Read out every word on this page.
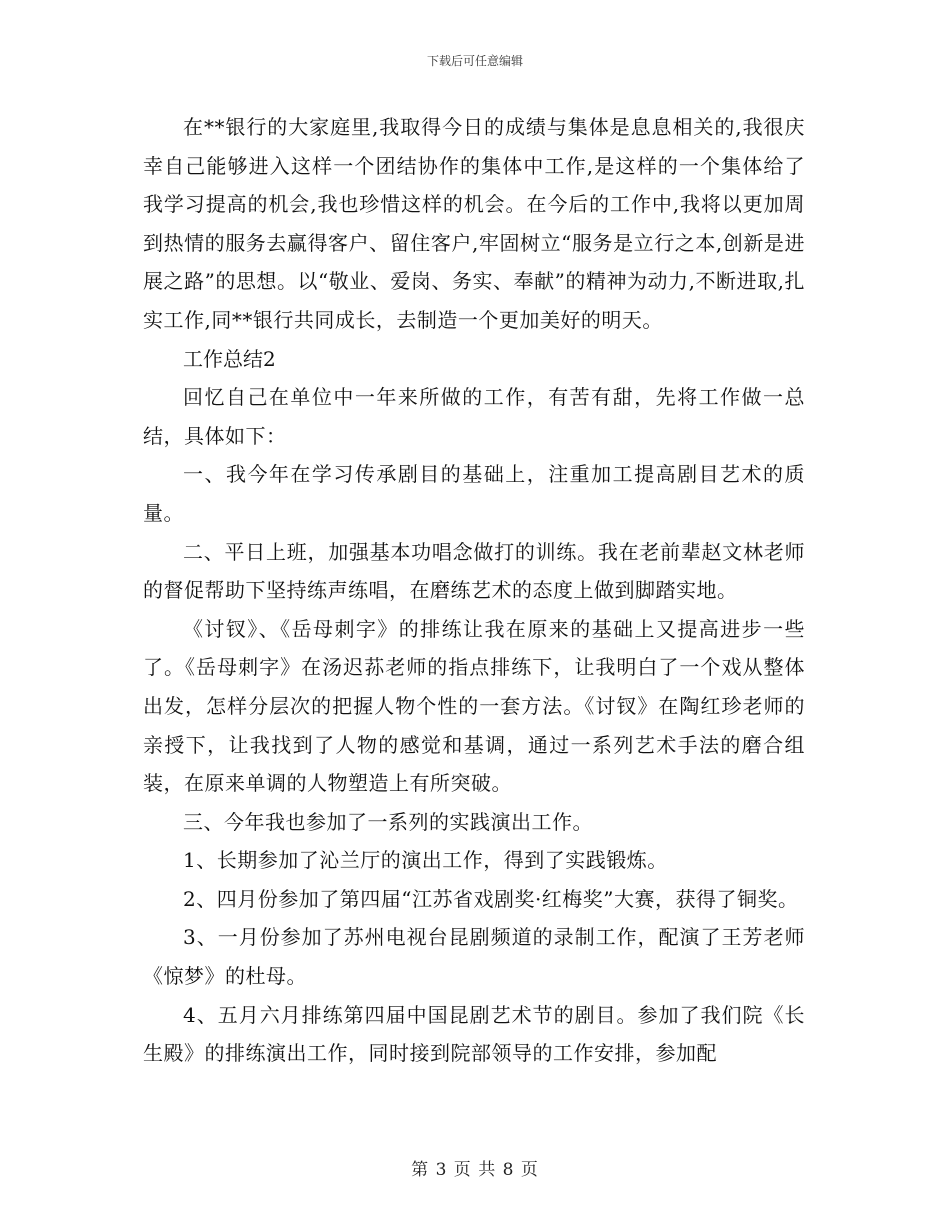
下载后可任意编辑

在**银行的大家庭里,我取得今日的成绩与集体是息息相关的,我很庆幸自己能够进入这样一个团结协作的集体中工作,是这样的一个集体给了我学习提高的机会,我也珍惜这样的机会。在今后的工作中,我将以更加周到热情的服务去赢得客户、留住客户,牢固树立“服务是立行之本,创新是进展之路”的思想。以“敬业、爱岗、务实、奉献”的精神为动力,不断进取,扎实工作,同**银行共同成长，去制造一个更加美好的明天。

工作总结2

回忆自己在单位中一年来所做的工作，有苦有甜，先将工作做一总结，具体如下：

一、我今年在学习传承剧目的基础上，注重加工提高剧目艺术的质量。

二、平日上班，加强基本功唱念做打的训练。我在老前辈赵文林老师的督促帮助下坚持练声练唱，在磨练艺术的态度上做到脚踏实地。

《讨钗》、《岳母刺字》的排练让我在原来的基础上又提高进步一些了。《岳母刺字》在汤迟荪老师的指点排练下，让我明白了一个戏从整体出发，怎样分层次的把握人物个性的一套方法。《讨钗》在陶红珍老师的亲授下，让我找到了人物的感觉和基调，通过一系列艺术手法的磨合组装，在原来单调的人物塑造上有所突破。

三、今年我也参加了一系列的实践演出工作。

1、长期参加了沁兰厅的演出工作，得到了实践锻炼。

2、四月份参加了第四届“江苏省戏剧奖·红梅奖”大赛，获得了铜奖。

3、一月份参加了苏州电视台昆剧频道的录制工作，配演了王芳老师《惊梦》的杜母。

4、五月六月排练第四届中国昆剧艺术节的剧目。参加了我们院《长生殿》的排练演出工作，同时接到院部领导的工作安排，参加配

第 3 页 共 8 页
